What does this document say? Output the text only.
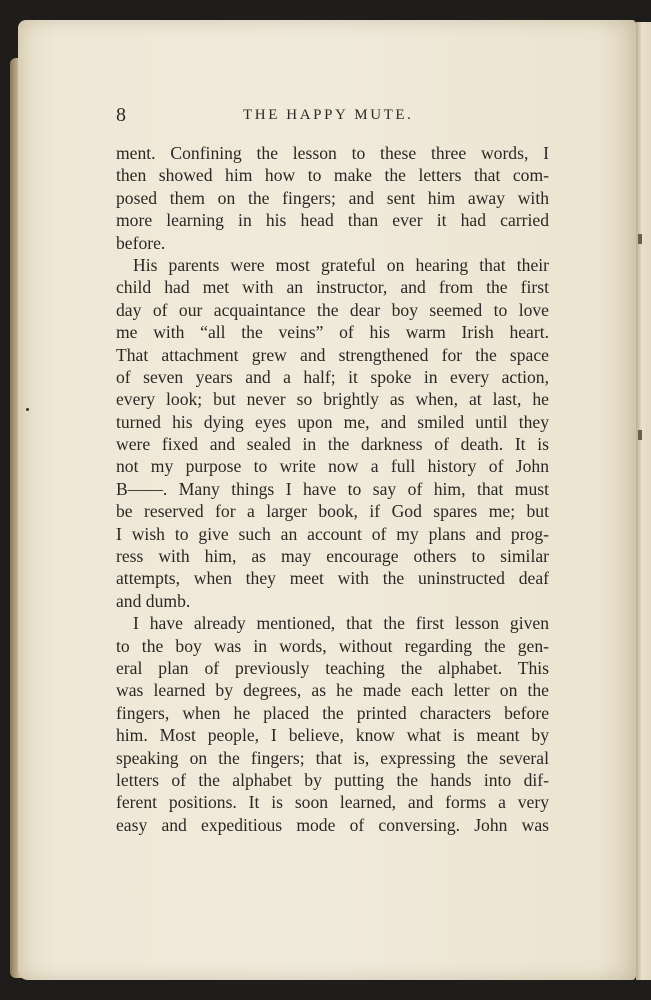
8	THE HAPPY MUTE.
ment. Confining the lesson to these three words, I
then showed him how to make the letters that com-
posed them on the fingers; and sent him away with
more learning in his head than ever it had carried
before.
His parents were most grateful on hearing that their
child had met with an instructor, and from the first
day of our acquaintance the dear boy seemed to love
me with “all the veins” of his warm Irish heart.
That attachment grew and strengthened for the space
of seven years and a half; it spoke in every action,
every look; but never so brightly as when, at last, he
turned his dying eyes upon me, and smiled until they
were fixed and sealed in the darkness of death. It is
not my purpose to write now a full history of John
B——. Many things I have to say of him, that must
be reserved for a larger book, if God spares me; but
I wish to give such an account of my plans and prog-
ress with him, as may encourage others to similar
attempts, when they meet with the uninstructed deaf
and dumb.
I have already mentioned, that the first lesson given
to the boy was in words, without regarding the gen-
eral plan of previously teaching the alphabet. This
was learned by degrees, as he made each letter on the
fingers, when he placed the printed characters before
him. Most people, I believe, know what is meant by
speaking on the fingers; that is, expressing the several
letters of the alphabet by putting the hands into dif-
ferent positions. It is soon learned, and forms a very
easy and expeditious mode of conversing. John was
